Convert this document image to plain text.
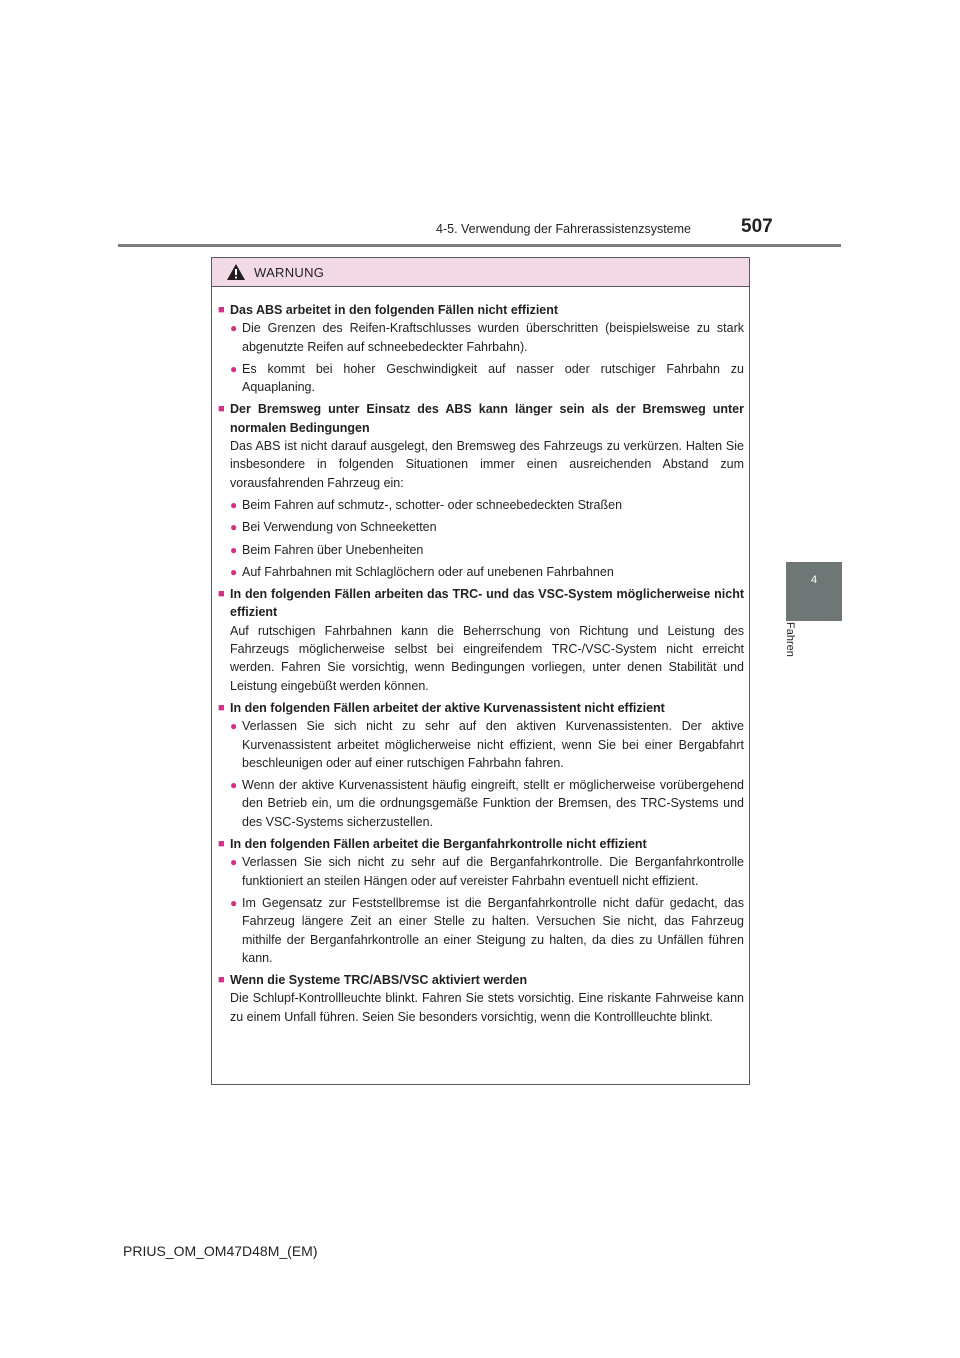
4-5. Verwendung der Fahrerassistenzsysteme	507
4
Fahren
WARNUNG
■ Das ABS arbeitet in den folgenden Fällen nicht effizient
● Die Grenzen des Reifen-Kraftschlusses wurden überschritten (beispielsweise zu stark abgenutzte Reifen auf schneebedeckter Fahrbahn).
● Es kommt bei hoher Geschwindigkeit auf nasser oder rutschiger Fahrbahn zu Aquaplaning.
■ Der Bremsweg unter Einsatz des ABS kann länger sein als der Bremsweg unter normalen Bedingungen
Das ABS ist nicht darauf ausgelegt, den Bremsweg des Fahrzeugs zu verkürzen. Halten Sie insbesondere in folgenden Situationen immer einen ausreichenden Abstand zum vorausfahrenden Fahrzeug ein:
● Beim Fahren auf schmutz-, schotter- oder schneebedeckten Straßen
● Bei Verwendung von Schneeketten
● Beim Fahren über Unebenheiten
● Auf Fahrbahnen mit Schlaglöchern oder auf unebenen Fahrbahnen
■ In den folgenden Fällen arbeiten das TRC- und das VSC-System möglicherweise nicht effizient
Auf rutschigen Fahrbahnen kann die Beherrschung von Richtung und Leistung des Fahrzeugs möglicherweise selbst bei eingreifendem TRC-/VSC-System nicht erreicht werden. Fahren Sie vorsichtig, wenn Bedingungen vorliegen, unter denen Stabilität und Leistung eingebüßt werden können.
■ In den folgenden Fällen arbeitet der aktive Kurvenassistent nicht effizient
● Verlassen Sie sich nicht zu sehr auf den aktiven Kurvenassistenten. Der aktive Kurvenassistent arbeitet möglicherweise nicht effizient, wenn Sie bei einer Bergabfahrt beschleunigen oder auf einer rutschigen Fahrbahn fahren.
● Wenn der aktive Kurvenassistent häufig eingreift, stellt er möglicherweise vorübergehend den Betrieb ein, um die ordnungsgemäße Funktion der Bremsen, des TRC-Systems und des VSC-Systems sicherzustellen.
■ In den folgenden Fällen arbeitet die Berganfahrkontrolle nicht effizient
● Verlassen Sie sich nicht zu sehr auf die Berganfahrkontrolle. Die Berganfahrkontrolle funktioniert an steilen Hängen oder auf vereister Fahrbahn eventuell nicht effizient.
● Im Gegensatz zur Feststellbremse ist die Berganfahrkontrolle nicht dafür gedacht, das Fahrzeug längere Zeit an einer Stelle zu halten. Versuchen Sie nicht, das Fahrzeug mithilfe der Berganfahrkontrolle an einer Steigung zu halten, da dies zu Unfällen führen kann.
■ Wenn die Systeme TRC/ABS/VSC aktiviert werden
Die Schlupf-Kontrollleuchte blinkt. Fahren Sie stets vorsichtig. Eine riskante Fahrweise kann zu einem Unfall führen. Seien Sie besonders vorsichtig, wenn die Kontrollleuchte blinkt.
PRIUS_OM_OM47D48M_(EM)
